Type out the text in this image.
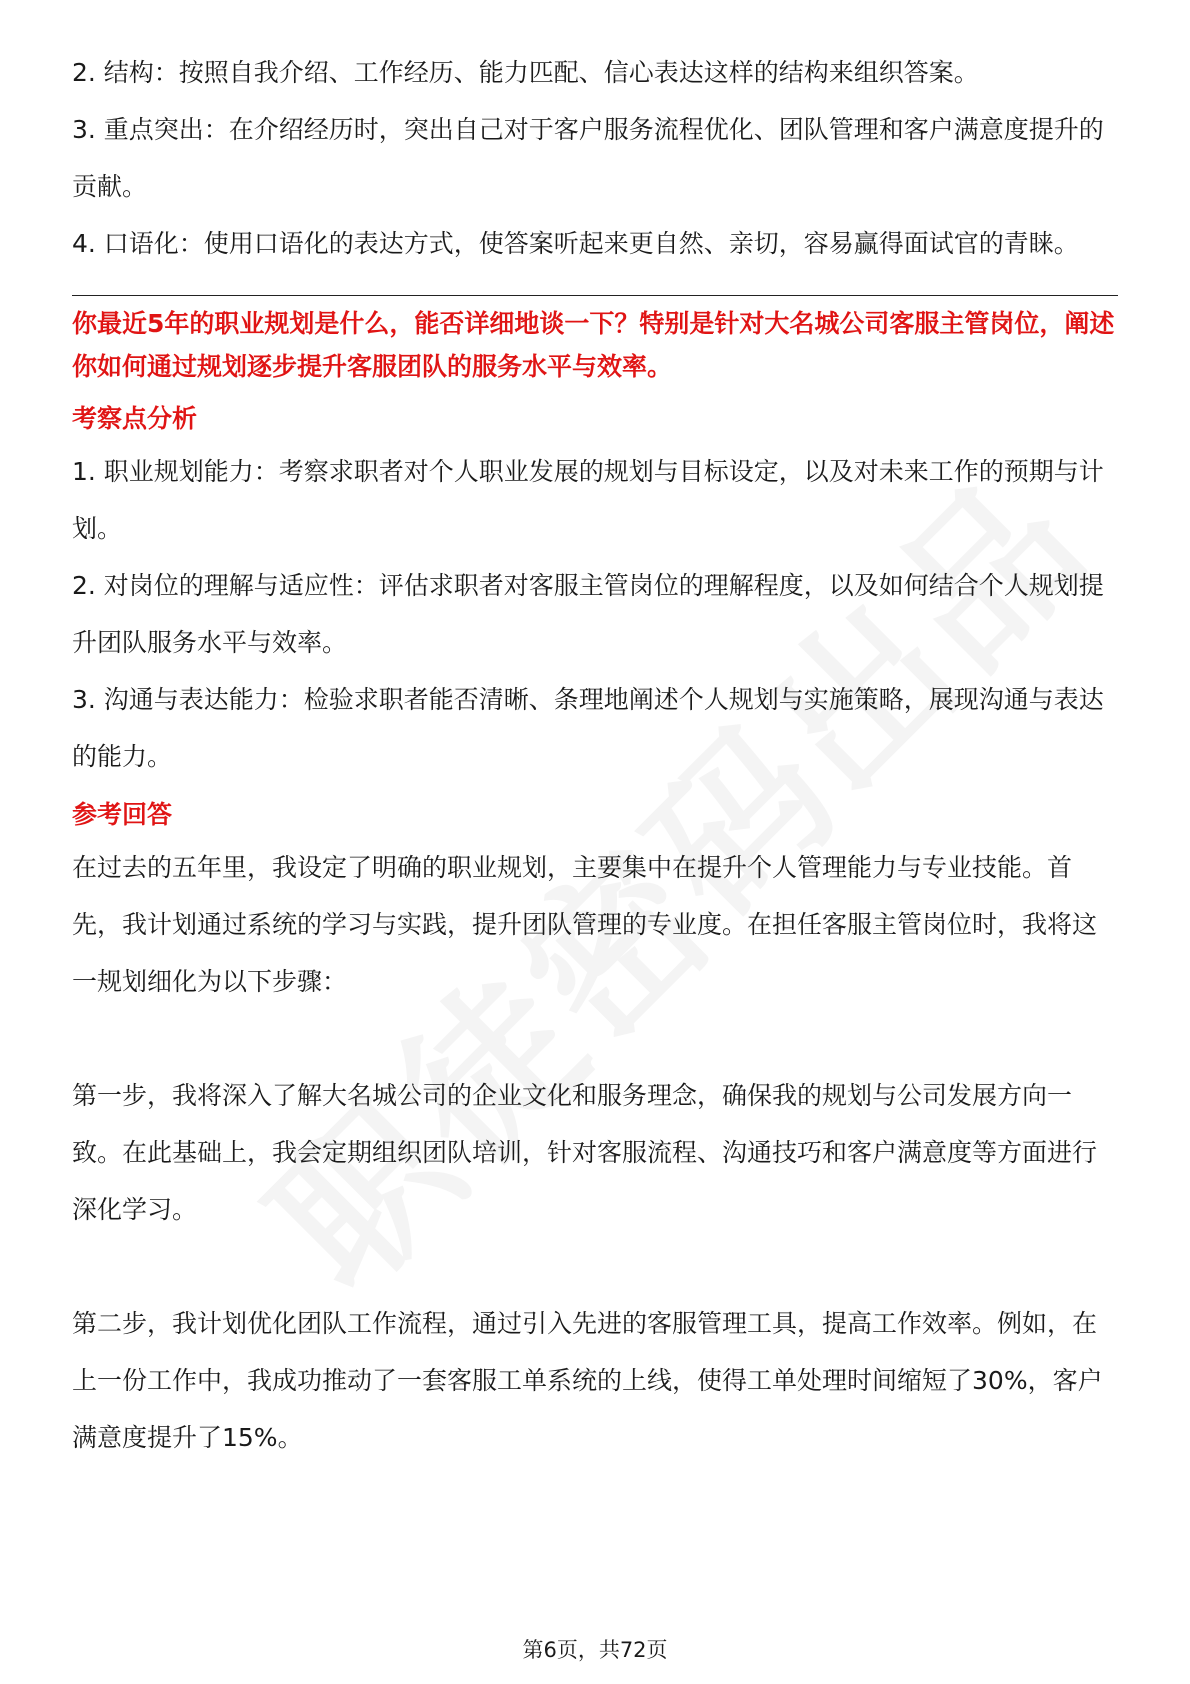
2. 结构：按照自我介绍、工作经历、能力匹配、信心表达这样的结构来组织答案。

3. 重点突出：在介绍经历时，突出自己对于客户服务流程优化、团队管理和客户满意度提升的贡献。

4. 口语化：使用口语化的表达方式，使答案听起来更自然、亲切，容易赢得面试官的青睐。

你最近5年的职业规划是什么，能否详细地谈一下？特别是针对大名城公司客服主管岗位，阐述你如何通过规划逐步提升客服团队的服务水平与效率。

考察点分析

1. 职业规划能力：考察求职者对个人职业发展的规划与目标设定，以及对未来工作的预期与计划。

2. 对岗位的理解与适应性：评估求职者对客服主管岗位的理解程度，以及如何结合个人规划提升团队服务水平与效率。

3. 沟通与表达能力：检验求职者能否清晰、条理地阐述个人规划与实施策略，展现沟通与表达的能力。

参考回答

在过去的五年里，我设定了明确的职业规划，主要集中在提升个人管理能力与专业技能。首先，我计划通过系统的学习与实践，提升团队管理的专业度。在担任客服主管岗位时，我将这一规划细化为以下步骤：

第一步，我将深入了解大名城公司的企业文化和服务理念，确保我的规划与公司发展方向一致。在此基础上，我会定期组织团队培训，针对客服流程、沟通技巧和客户满意度等方面进行深化学习。

第二步，我计划优化团队工作流程，通过引入先进的客服管理工具，提高工作效率。例如，在上一份工作中，我成功推动了一套客服工单系统的上线，使得工单处理时间缩短了30%，客户满意度提升了15%。

第6页，共72页
